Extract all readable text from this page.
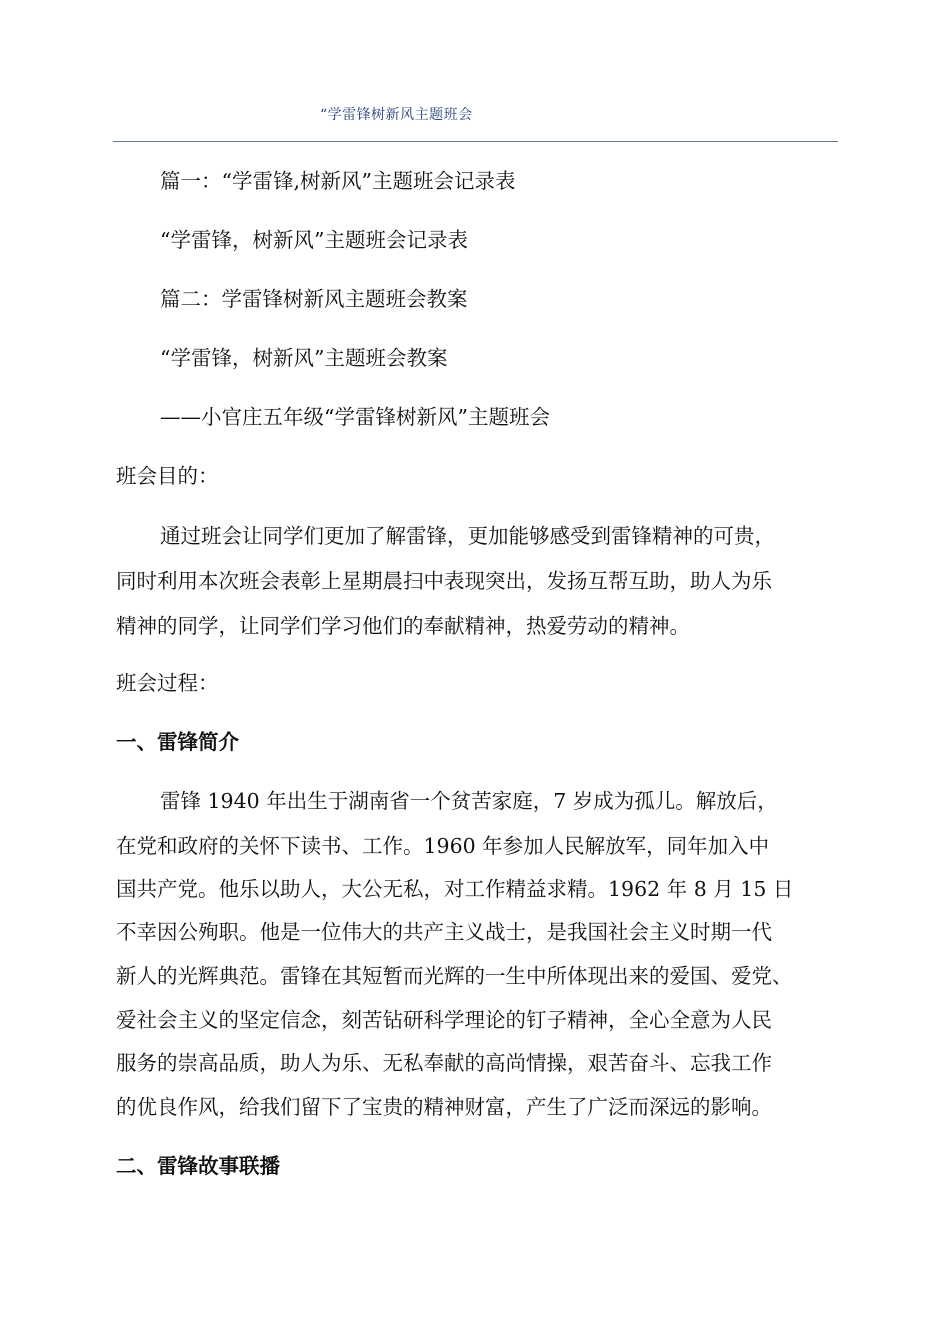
“学雷锋树新风主题班会
篇一：“学雷锋,树新风”主题班会记录表
“学雷锋，树新风”主题班会记录表
篇二：学雷锋树新风主题班会教案
“学雷锋，树新风”主题班会教案
——小官庄五年级“学雷锋树新风”主题班会
班会目的：
通过班会让同学们更加了解雷锋，更加能够感受到雷锋精神的可贵，
同时利用本次班会表彰上星期晨扫中表现突出，发扬互帮互助，助人为乐
精神的同学，让同学们学习他们的奉献精神，热爱劳动的精神。
班会过程：
一、雷锋简介
雷锋 1940 年出生于湖南省一个贫苦家庭，7 岁成为孤儿。解放后，
在党和政府的关怀下读书、工作。1960 年参加人民解放军，同年加入中
国共产党。他乐以助人，大公无私，对工作精益求精。1962 年 8 月 15 日
不幸因公殉职。他是一位伟大的共产主义战士，是我国社会主义时期一代
新人的光辉典范。雷锋在其短暂而光辉的一生中所体现出来的爱国、爱党、
爱社会主义的坚定信念，刻苦钻研科学理论的钉子精神，全心全意为人民
服务的崇高品质，助人为乐、无私奉献的高尚情操，艰苦奋斗、忘我工作
的优良作风，给我们留下了宝贵的精神财富，产生了广泛而深远的影响。
二、雷锋故事联播
